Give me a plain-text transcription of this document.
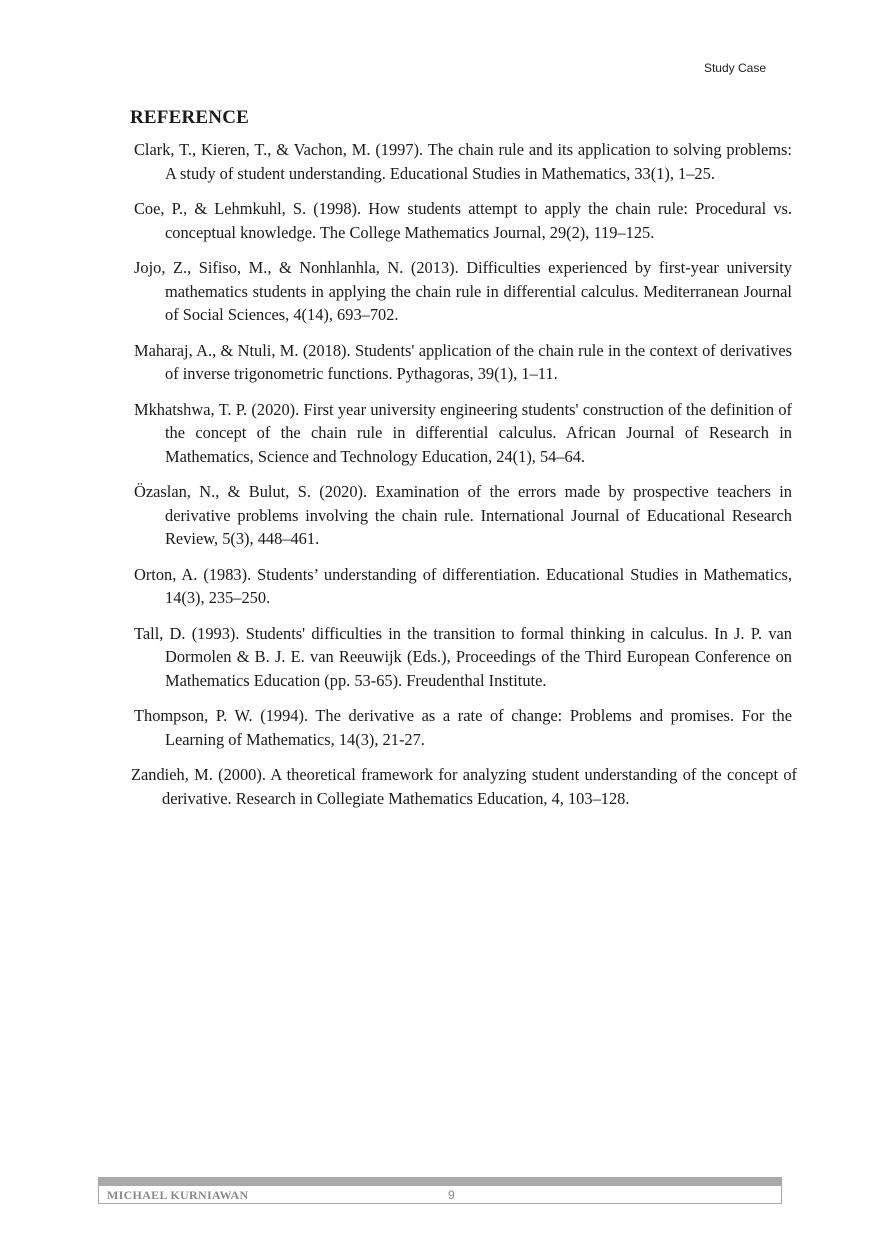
Study Case
REFERENCE
Clark, T., Kieren, T., & Vachon, M. (1997). The chain rule and its application to solving problems: A study of student understanding. Educational Studies in Mathematics, 33(1), 1–25.
Coe, P., & Lehmkuhl, S. (1998). How students attempt to apply the chain rule: Procedural vs. conceptual knowledge. The College Mathematics Journal, 29(2), 119–125.
Jojo, Z., Sifiso, M., & Nonhlanhla, N. (2013). Difficulties experienced by first-year university mathematics students in applying the chain rule in differential calculus. Mediterranean Journal of Social Sciences, 4(14), 693–702.
Maharaj, A., & Ntuli, M. (2018). Students' application of the chain rule in the context of derivatives of inverse trigonometric functions. Pythagoras, 39(1), 1–11.
Mkhatshwa, T. P. (2020). First year university engineering students' construction of the definition of the concept of the chain rule in differential calculus. African Journal of Research in Mathematics, Science and Technology Education, 24(1), 54–64.
Özaslan, N., & Bulut, S. (2020). Examination of the errors made by prospective teachers in derivative problems involving the chain rule. International Journal of Educational Research Review, 5(3), 448–461.
Orton, A. (1983). Students’ understanding of differentiation. Educational Studies in Mathematics, 14(3), 235–250.
Tall, D. (1993). Students' difficulties in the transition to formal thinking in calculus. In J. P. van Dormolen & B. J. E. van Reeuwijk (Eds.), Proceedings of the Third European Conference on Mathematics Education (pp. 53-65). Freudenthal Institute.
Thompson, P. W. (1994). The derivative as a rate of change: Problems and promises. For the Learning of Mathematics, 14(3), 21-27.
Zandieh, M. (2000). A theoretical framework for analyzing student understanding of the concept of derivative. Research in Collegiate Mathematics Education, 4, 103–128.
MICHAEL KURNIAWAN	9
